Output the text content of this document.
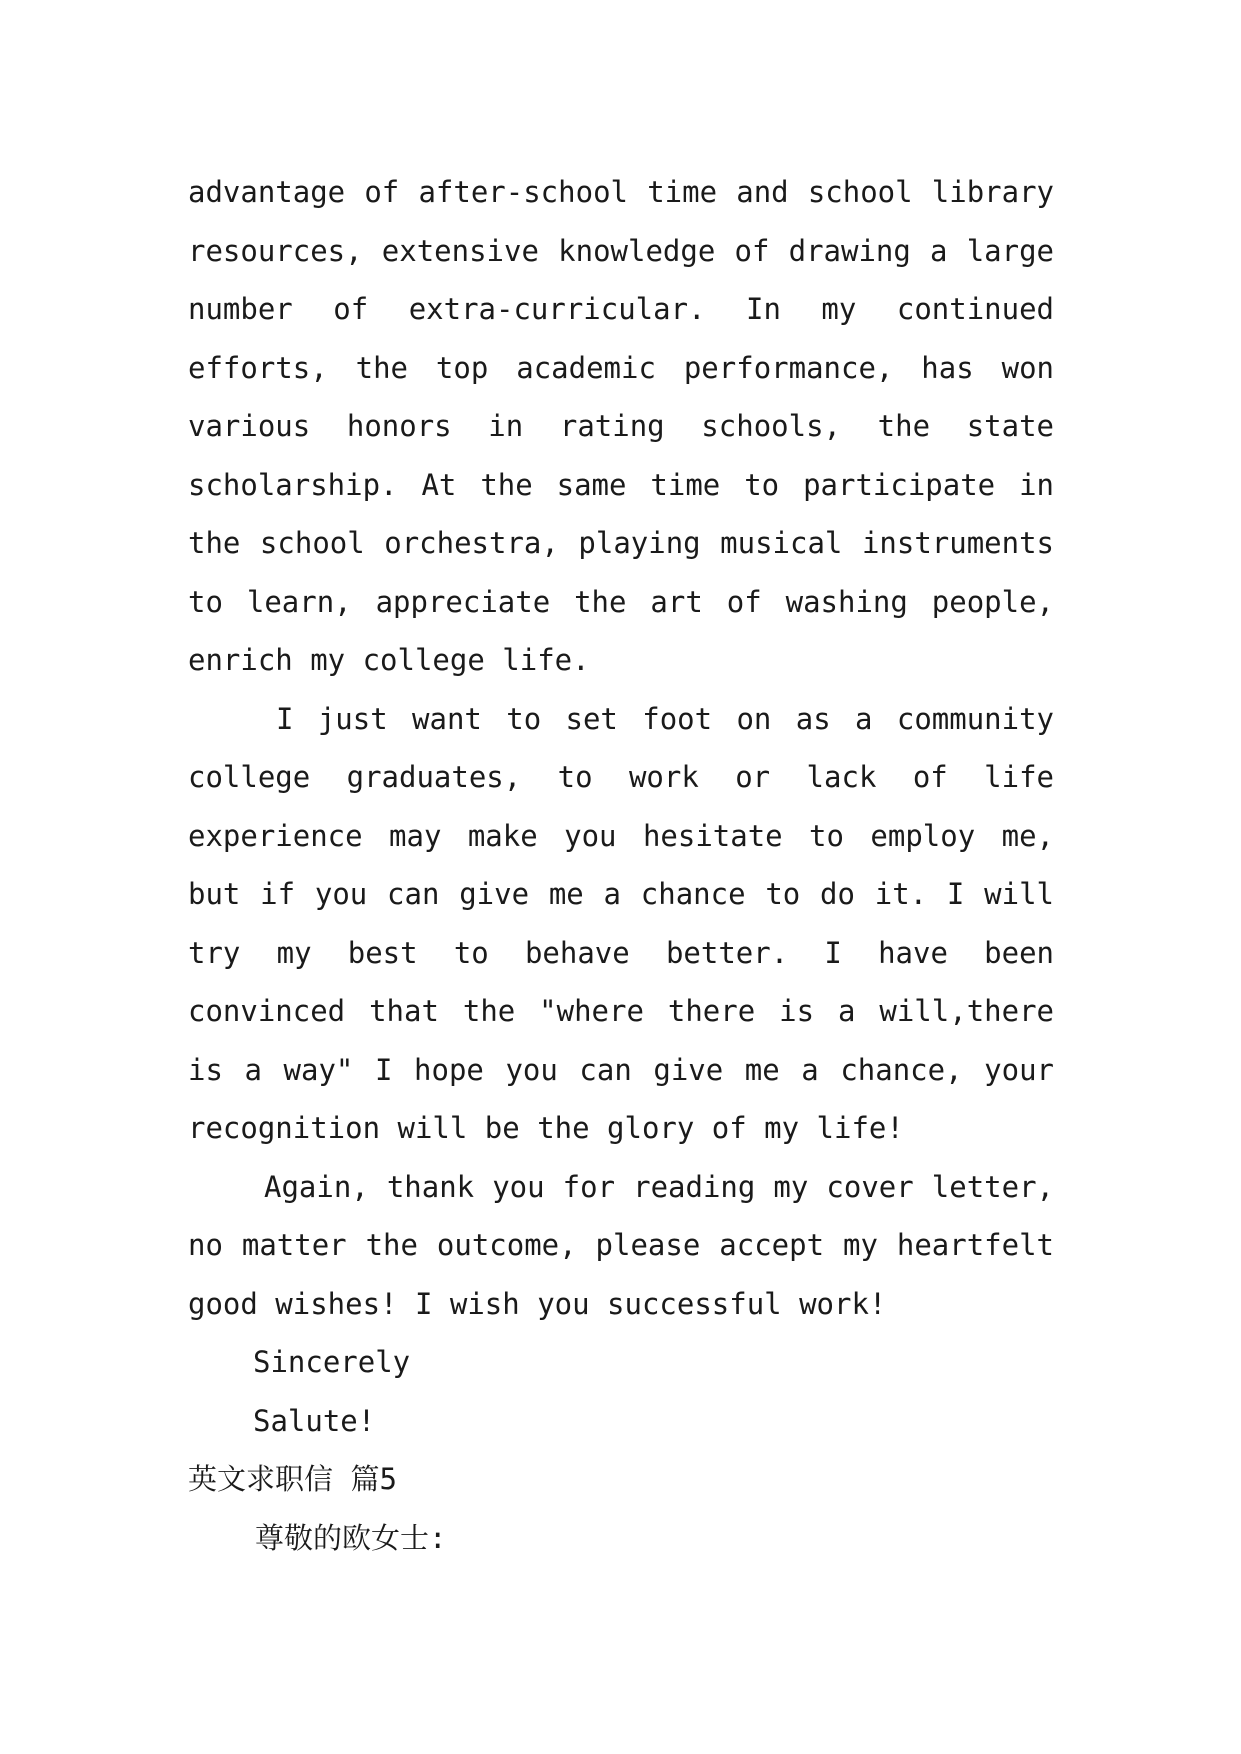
advantage of after-school time and school library resources, extensive knowledge of drawing a large number of extra-curricular. In my continued efforts, the top academic performance, has won various honors in rating schools, the state scholarship. At the same time to participate in the school orchestra, playing musical instruments to learn, appreciate the art of washing people, enrich my college life.

I just want to set foot on as a community college graduates, to work or lack of life experience may make you hesitate to employ me, but if you can give me a chance to do it. I will try my best to behave better. I have been convinced that the "where there is a will,there is a way" I hope you can give me a chance, your recognition will be the glory of my life!

Again, thank you for reading my cover letter, no matter the outcome, please accept my heartfelt good wishes! I wish you successful work!

Sincerely

Salute!

英文求职信 篇5

尊敬的欧女士:
